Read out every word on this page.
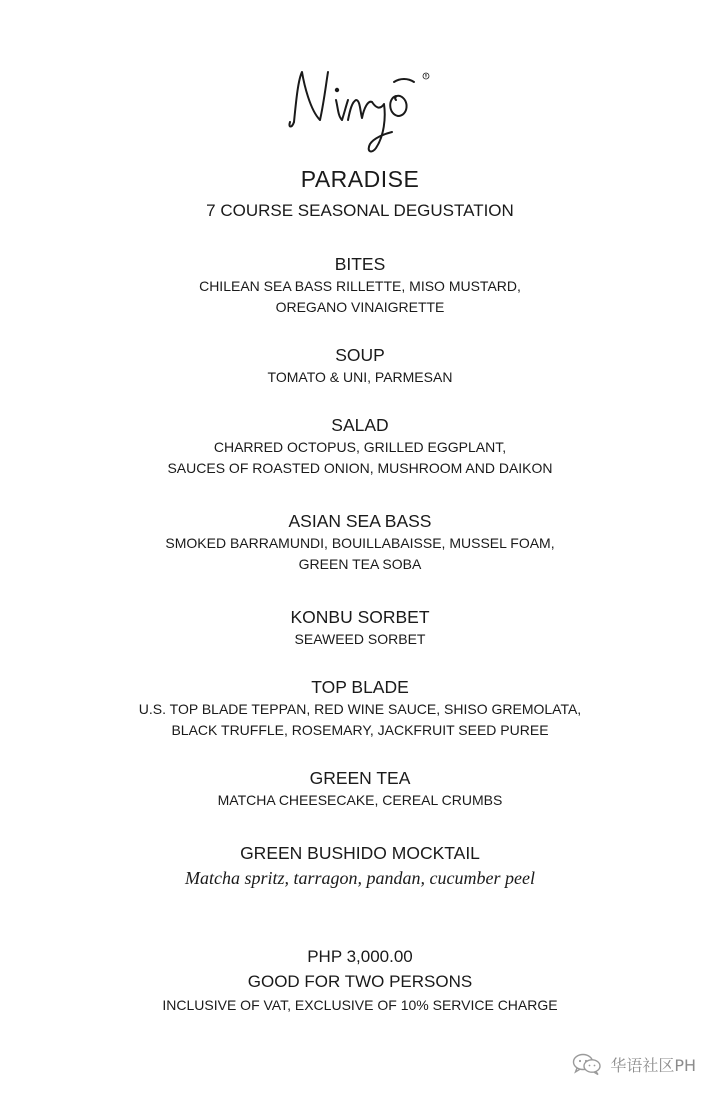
R
PARADISE
7 COURSE SEASONAL DEGUSTATION

BITES

CHILEAN SEA BASS RILLETTE, MISO MUSTARD,

OREGANO VINAIGRETTE

SOUP

TOMATO & UNI, PARMESAN

SALAD

CHARRED OCTOPUS, GRILLED EGGPLANT,

SAUCES OF ROASTED ONION, MUSHROOM AND DAIKON

ASIAN SEA BASS

SMOKED BARRAMUNDI, BOUILLABAISSE, MUSSEL FOAM,

GREEN TEA SOBA

KONBU SORBET

SEAWEED SORBET

TOP BLADE

U.S. TOP BLADE TEPPAN, RED WINE SAUCE, SHISO GREMOLATA,

BLACK TRUFFLE, ROSEMARY, JACKFRUIT SEED PUREE

GREEN TEA

MATCHA CHEESECAKE, CEREAL CRUMBS

GREEN BUSHIDO MOCKTAIL

Matcha spritz, tarragon, pandan, cucumber peel

PHP 3,000.00

GOOD FOR TWO PERSONS

INCLUSIVE OF VAT, EXCLUSIVE OF 10% SERVICE CHARGE

华语社区PH
